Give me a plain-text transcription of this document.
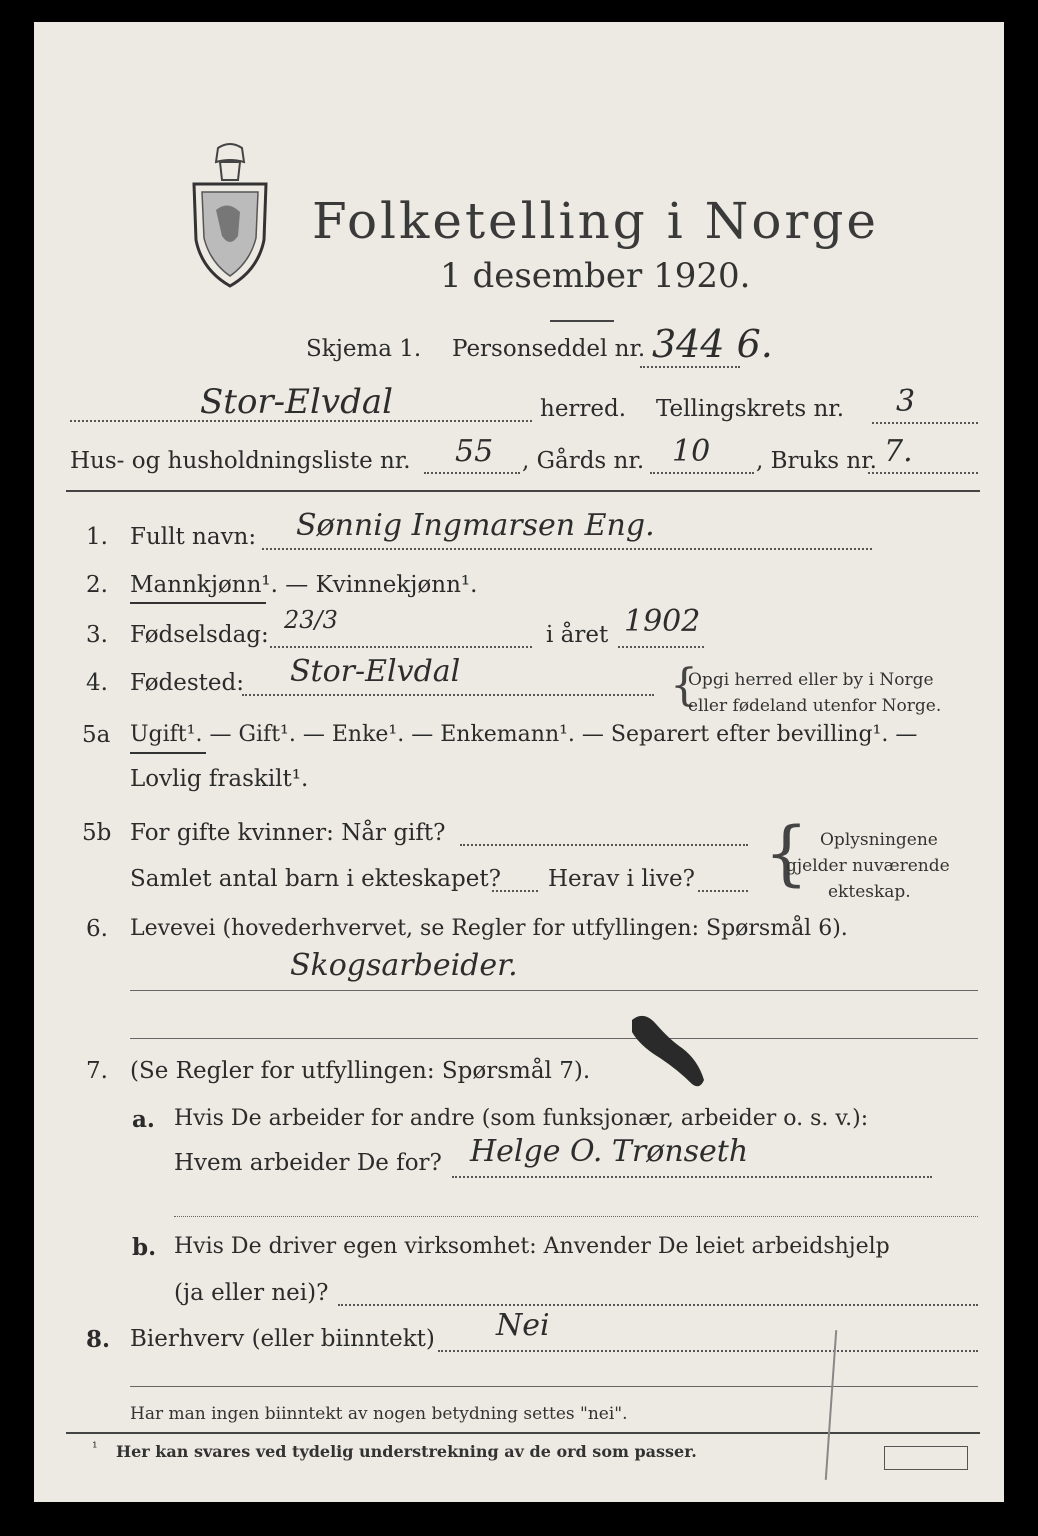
Folketelling i Norge
1 desember 1920.
Skjema 1. Personseddel nr. 344 6.
Stor-Elvdal	herred. Tellingskrets nr. 3
Hus- og husholdningsliste nr. 55 , Gårds nr. 10 , Bruks nr. 7.
1. Fullt navn: Sønnig Ingmarsen Eng.
2. Mannkjønn¹. — Kvinnekjønn¹.
3. Fødselsdag:
23/3
i året 1902
4. Fødested: Stor-Elvdal	{
Opgi herred eller by i Norge
eller fødeland utenfor Norge.
5a Ugift¹. — Gift¹. — Enke¹. — Enkemann¹. — Separert efter bevilling¹. —
Lovlig fraskilt¹.
5b For gifte kvinner: Når gift?
Samlet antal barn i ekteskapet? Herav i live? { Oplysningene
gjelder nuværende
ekteskap.
6. Levevei (hovederhvervet, se Regler for utfyllingen: Spørsmål 6).
Skogsarbeider.
7. (Se Regler for utfyllingen: Spørsmål 7).
a. Hvis De arbeider for andre (som funksjonær, arbeider o. s. v.):
Hvem arbeider De for? Helge O. Trønseth
b. Hvis De driver egen virksomhet: Anvender De leiet arbeidshjelp
(ja eller nei)?
8. Bierhverv (eller biinntekt) Nei
Har man ingen biinntekt av nogen betydning settes "nei".
¹ Her kan svares ved tydelig understrekning av de ord som passer.
